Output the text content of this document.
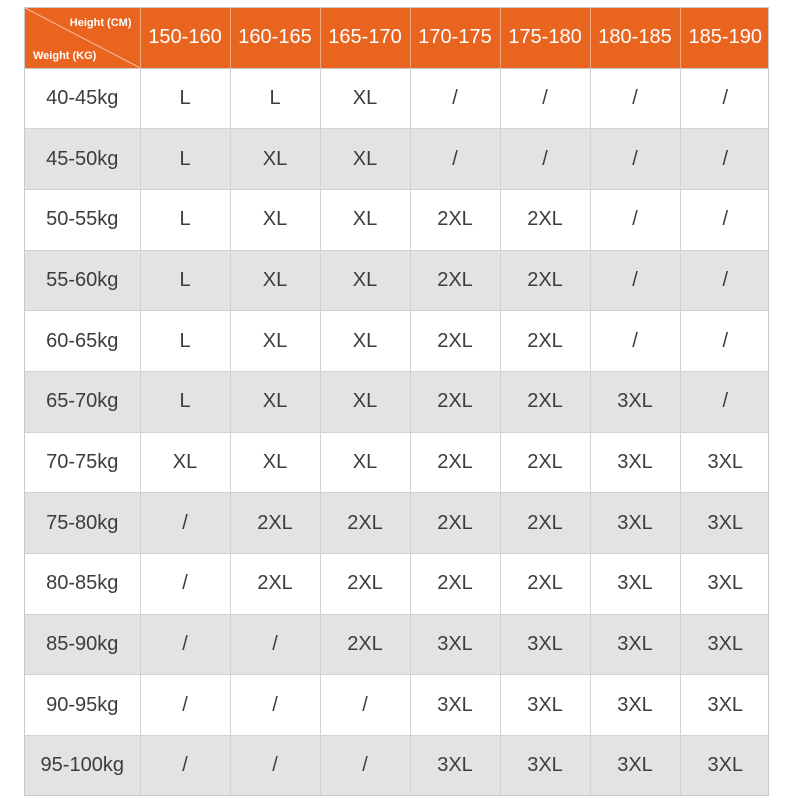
Height (CM)
Weight (KG)	150-160	160-165	165-170	170-175	175-180	180-185	185-190
40-45kg	L	L	XL	/	/	/	/
45-50kg	L	XL	XL	/	/	/	/
50-55kg	L	XL	XL	2XL	2XL	/	/
55-60kg	L	XL	XL	2XL	2XL	/	/
60-65kg	L	XL	XL	2XL	2XL	/	/
65-70kg	L	XL	XL	2XL	2XL	3XL	/
70-75kg	XL	XL	XL	2XL	2XL	3XL	3XL
75-80kg	/	2XL	2XL	2XL	2XL	3XL	3XL
80-85kg	/	2XL	2XL	2XL	2XL	3XL	3XL
85-90kg	/	/	2XL	3XL	3XL	3XL	3XL
90-95kg	/	/	/	3XL	3XL	3XL	3XL
95-100kg	/	/	/	3XL	3XL	3XL	3XL
